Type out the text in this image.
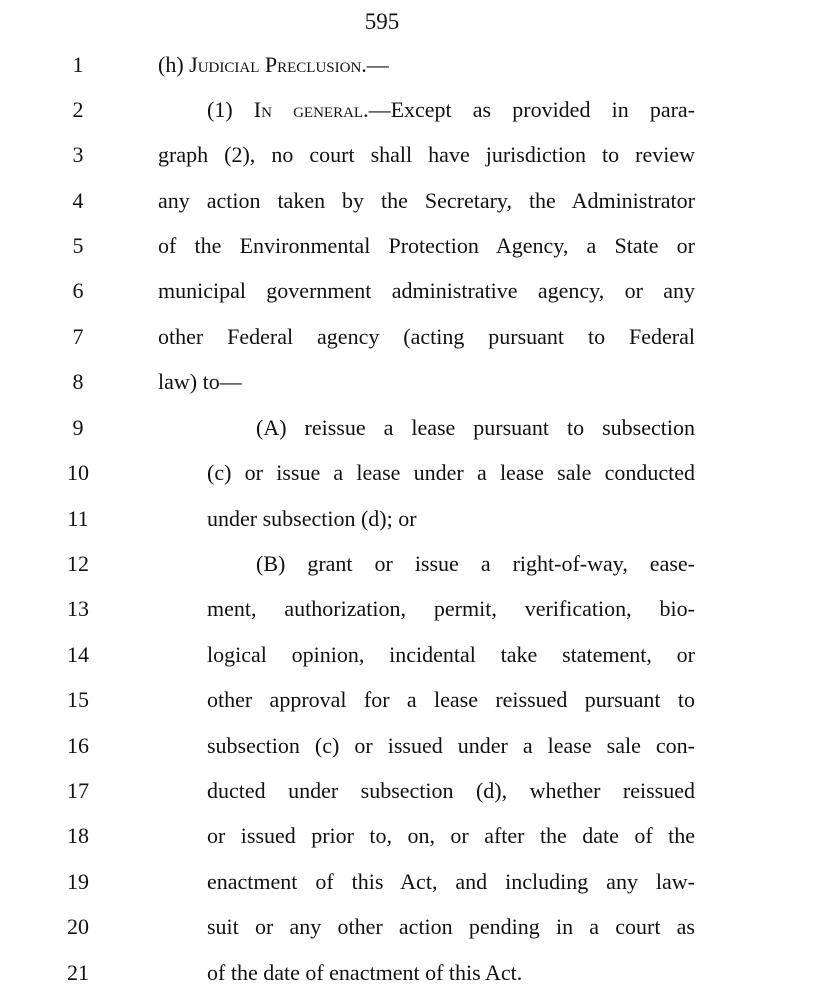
595
1	(h) Judicial Preclusion.—
2	(1) In general.—Except as provided in para-
3	graph (2), no court shall have jurisdiction to review
4	any action taken by the Secretary, the Administrator
5	of the Environmental Protection Agency, a State or
6	municipal government administrative agency, or any
7	other Federal agency (acting pursuant to Federal
8	law) to—
9	(A) reissue a lease pursuant to subsection
10	(c) or issue a lease under a lease sale conducted
11	under subsection (d); or
12	(B) grant or issue a right-of-way, ease-
13	ment, authorization, permit, verification, bio-
14	logical opinion, incidental take statement, or
15	other approval for a lease reissued pursuant to
16	subsection (c) or issued under a lease sale con-
17	ducted under subsection (d), whether reissued
18	or issued prior to, on, or after the date of the
19	enactment of this Act, and including any law-
20	suit or any other action pending in a court as
21	of the date of enactment of this Act.
